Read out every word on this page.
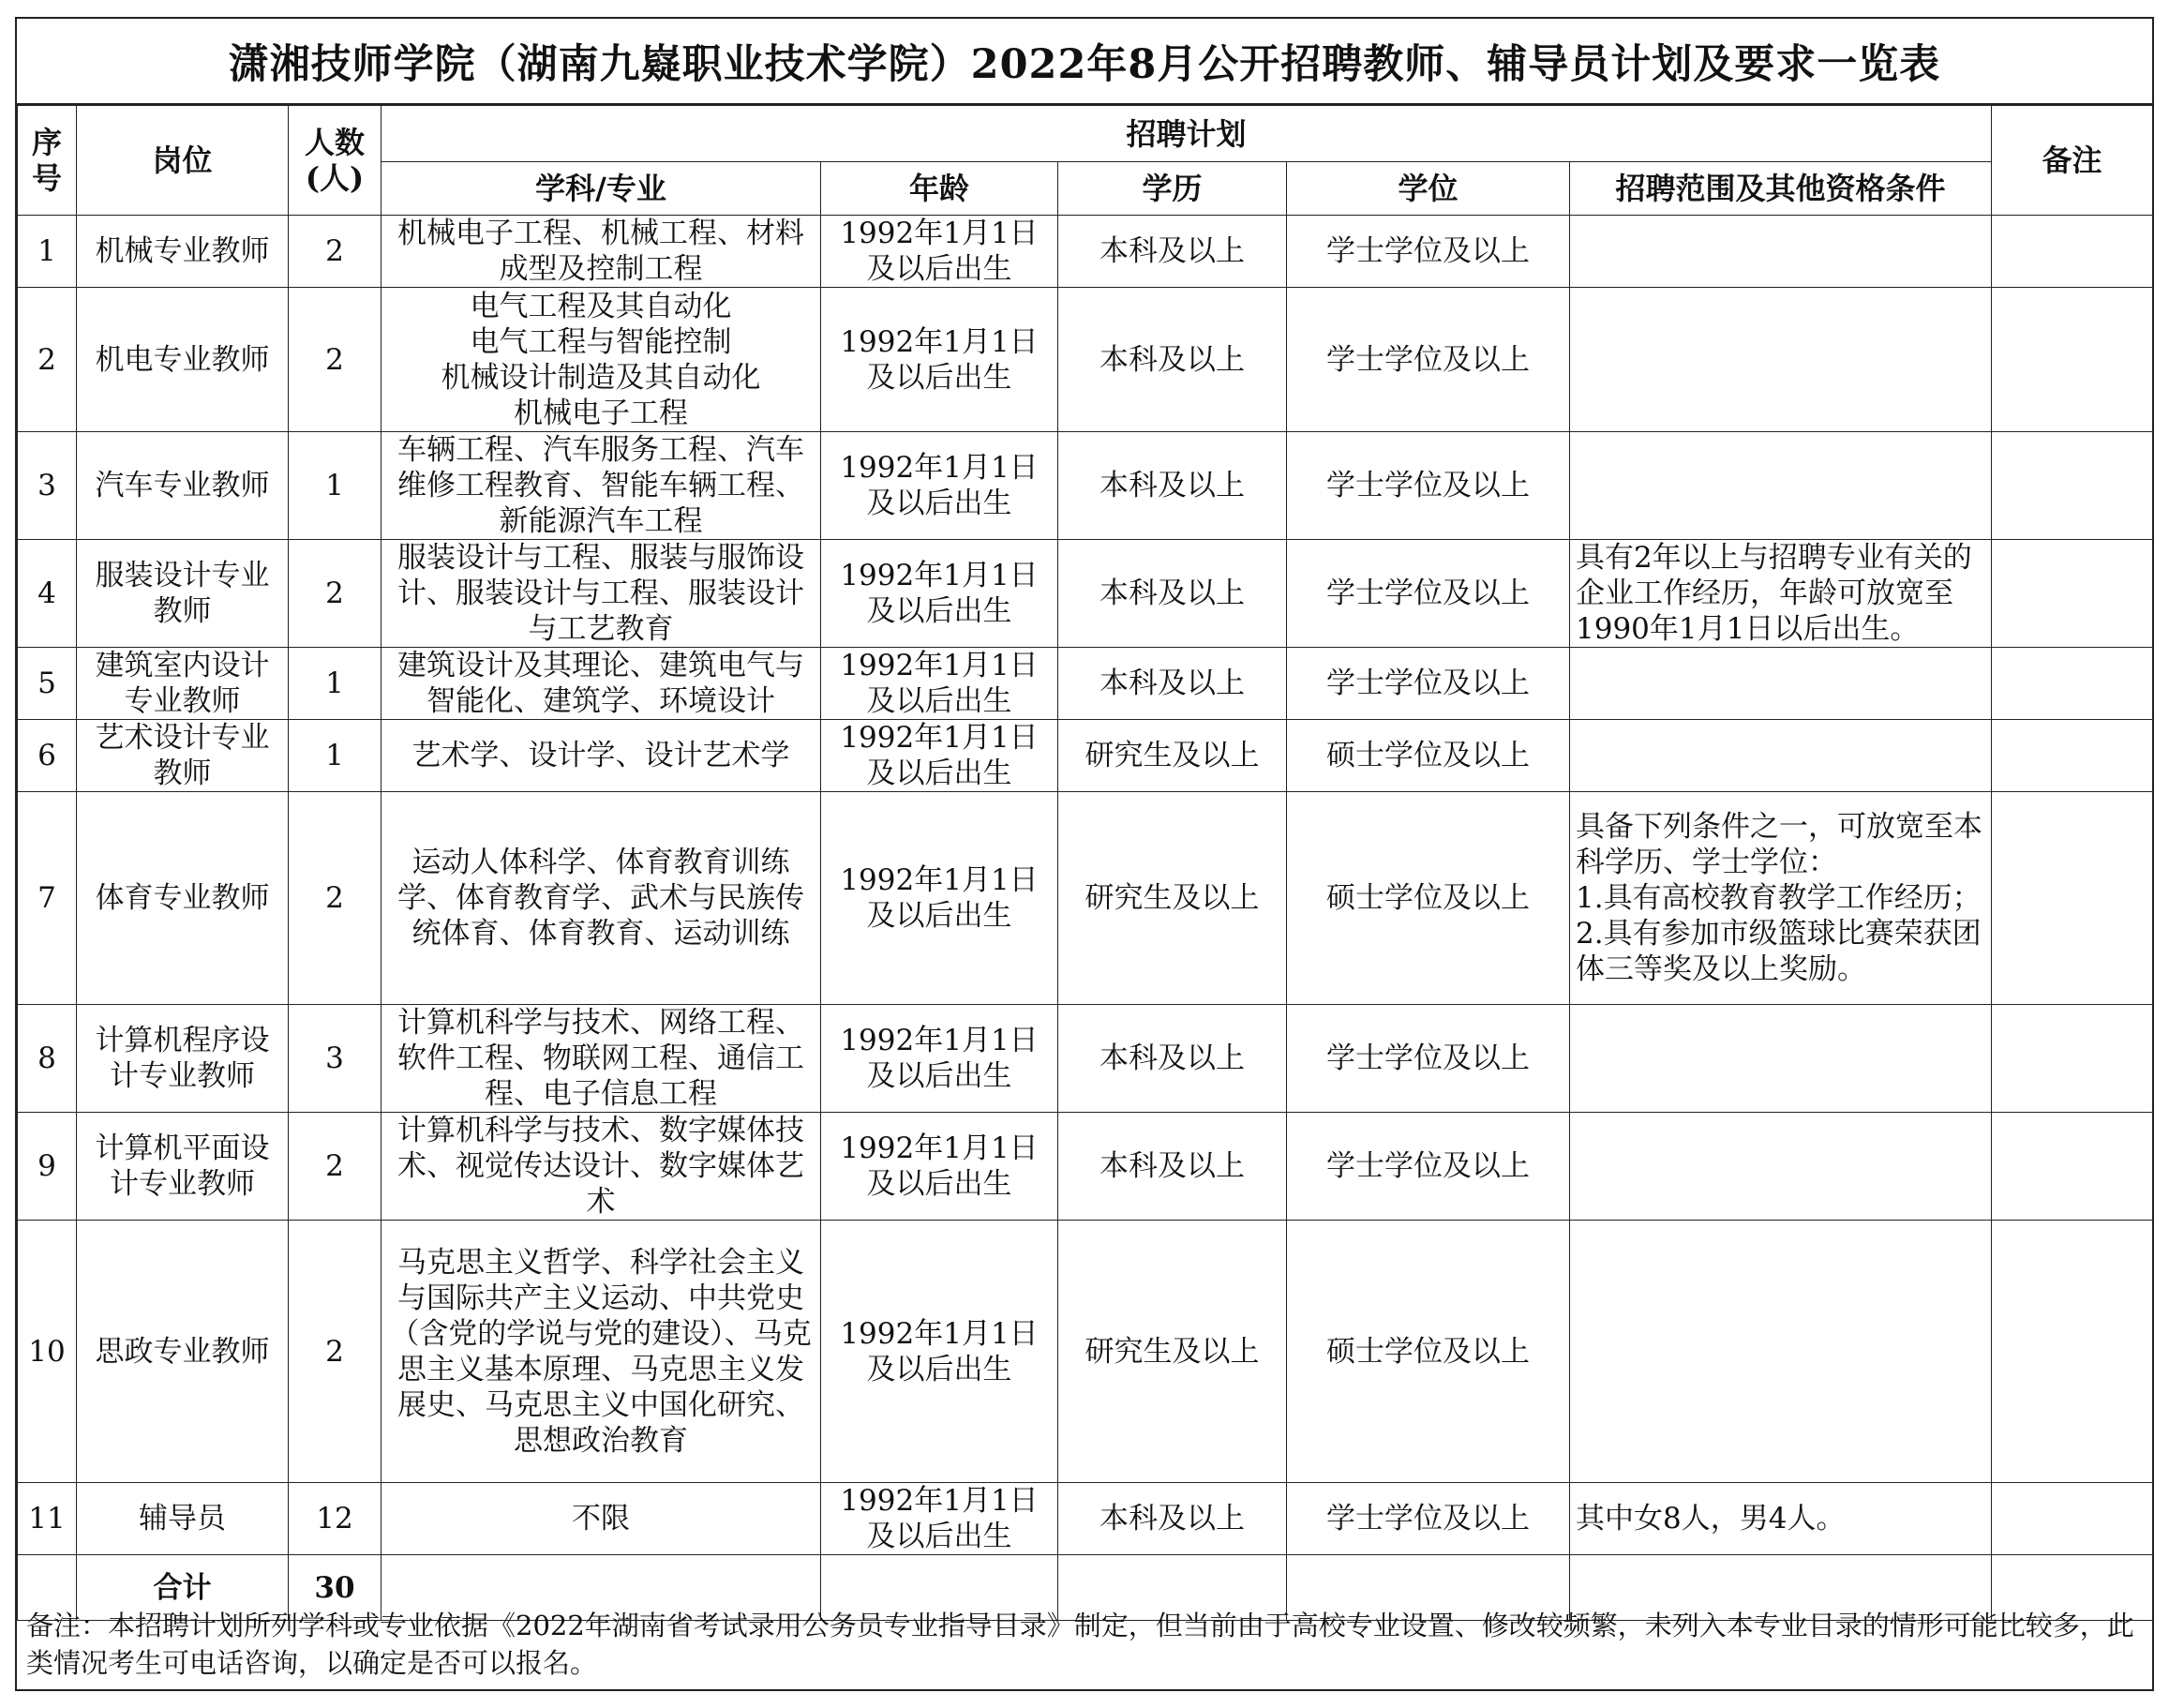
潇湘技师学院（湖南九嶷职业技术学院）2022年8月公开招聘教师、辅导员计划及要求一览表
序号	岗位	人数(人)	招聘计划					备注
			学科/专业	年龄	学历	学位	招聘范围及其他资格条件	
1	机械专业教师	2	机械电子工程、机械工程、材料成型及控制工程	1992年1月1日及以后出生	本科及以上	学士学位及以上		
2	机电专业教师	2	电气工程及其自动化
电气工程与智能控制
机械设计制造及其自动化
机械电子工程	1992年1月1日及以后出生	本科及以上	学士学位及以上		
3	汽车专业教师	1	车辆工程、汽车服务工程、汽车维修工程教育、智能车辆工程、新能源汽车工程	1992年1月1日及以后出生	本科及以上	学士学位及以上		
4	服装设计专业教师	2	服装设计与工程、服装与服饰设计、服装设计与工程、服装设计与工艺教育	1992年1月1日及以后出生	本科及以上	学士学位及以上	具有2年以上与招聘专业有关的企业工作经历，年龄可放宽至1990年1月1日以后出生。	
5	建筑室内设计专业教师	1	建筑设计及其理论、建筑电气与智能化、建筑学、环境设计	1992年1月1日及以后出生	本科及以上	学士学位及以上		
6	艺术设计专业教师	1	艺术学、设计学、设计艺术学	1992年1月1日及以后出生	研究生及以上	硕士学位及以上		
7	体育专业教师	2	运动人体科学、体育教育训练学、体育教育学、武术与民族传统体育、体育教育、运动训练	1992年1月1日及以后出生	研究生及以上	硕士学位及以上	具备下列条件之一，可放宽至本科学历、学士学位：
1.具有高校教育教学工作经历；
2.具有参加市级篮球比赛荣获团体三等奖及以上奖励。	
8	计算机程序设计专业教师	3	计算机科学与技术、网络工程、软件工程、物联网工程、通信工程、电子信息工程	1992年1月1日及以后出生	本科及以上	学士学位及以上		
9	计算机平面设计专业教师	2	计算机科学与技术、数字媒体技术、视觉传达设计、数字媒体艺术	1992年1月1日及以后出生	本科及以上	学士学位及以上		
10	思政专业教师	2	马克思主义哲学、科学社会主义与国际共产主义运动、中共党史（含党的学说与党的建设）、马克思主义基本原理、马克思主义发展史、马克思主义中国化研究、思想政治教育	1992年1月1日及以后出生	研究生及以上	硕士学位及以上		
11	辅导员	12	不限	1992年1月1日及以后出生	本科及以上	学士学位及以上	其中女8人，男4人。	
	合计	30						
备注：本招聘计划所列学科或专业依据《2022年湖南省考试录用公务员专业指导目录》制定，但当前由于高校专业设置、修改较频繁，未列入本专业目录的情形可能比较多，此类情况考生可电话咨询，以确定是否可以报名。
